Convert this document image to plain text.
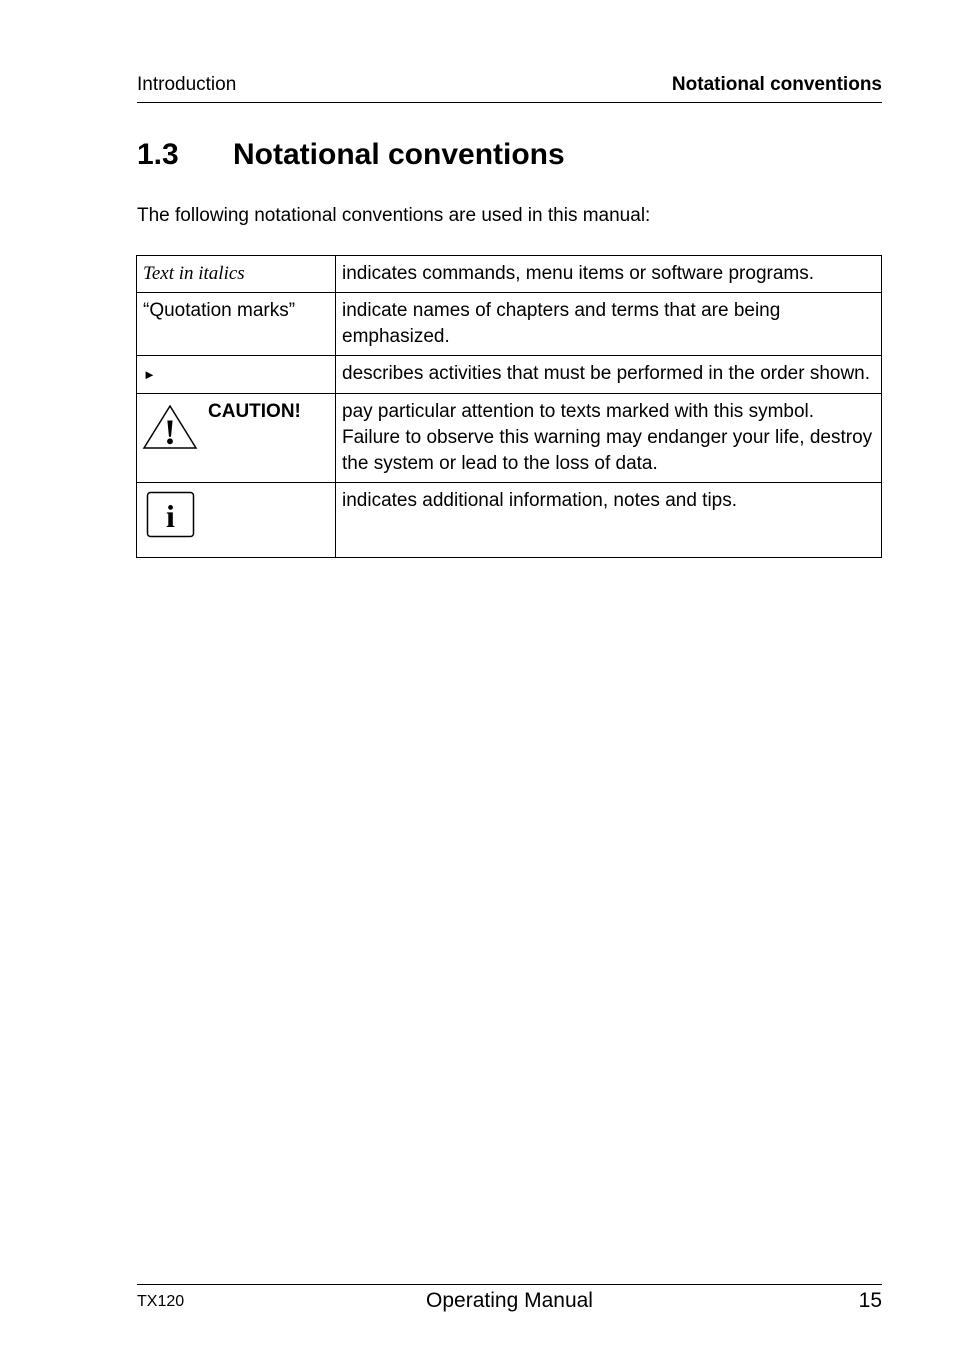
Introduction	Notational conventions
1.3 Notational conventions
The following notational conventions are used in this manual:
Text in italics	indicates commands, menu items or software programs.
“Quotation marks”	indicate names of chapters and terms that are being emphasized.
►	describes activities that must be performed in the order shown.

!
CAUTION!	pay particular attention to texts marked with this symbol. Failure to observe this warning may endanger your life, destroy the system or lead to the loss of data.

i	indicates additional information, notes and tips.
TX120	Operating Manual	15
